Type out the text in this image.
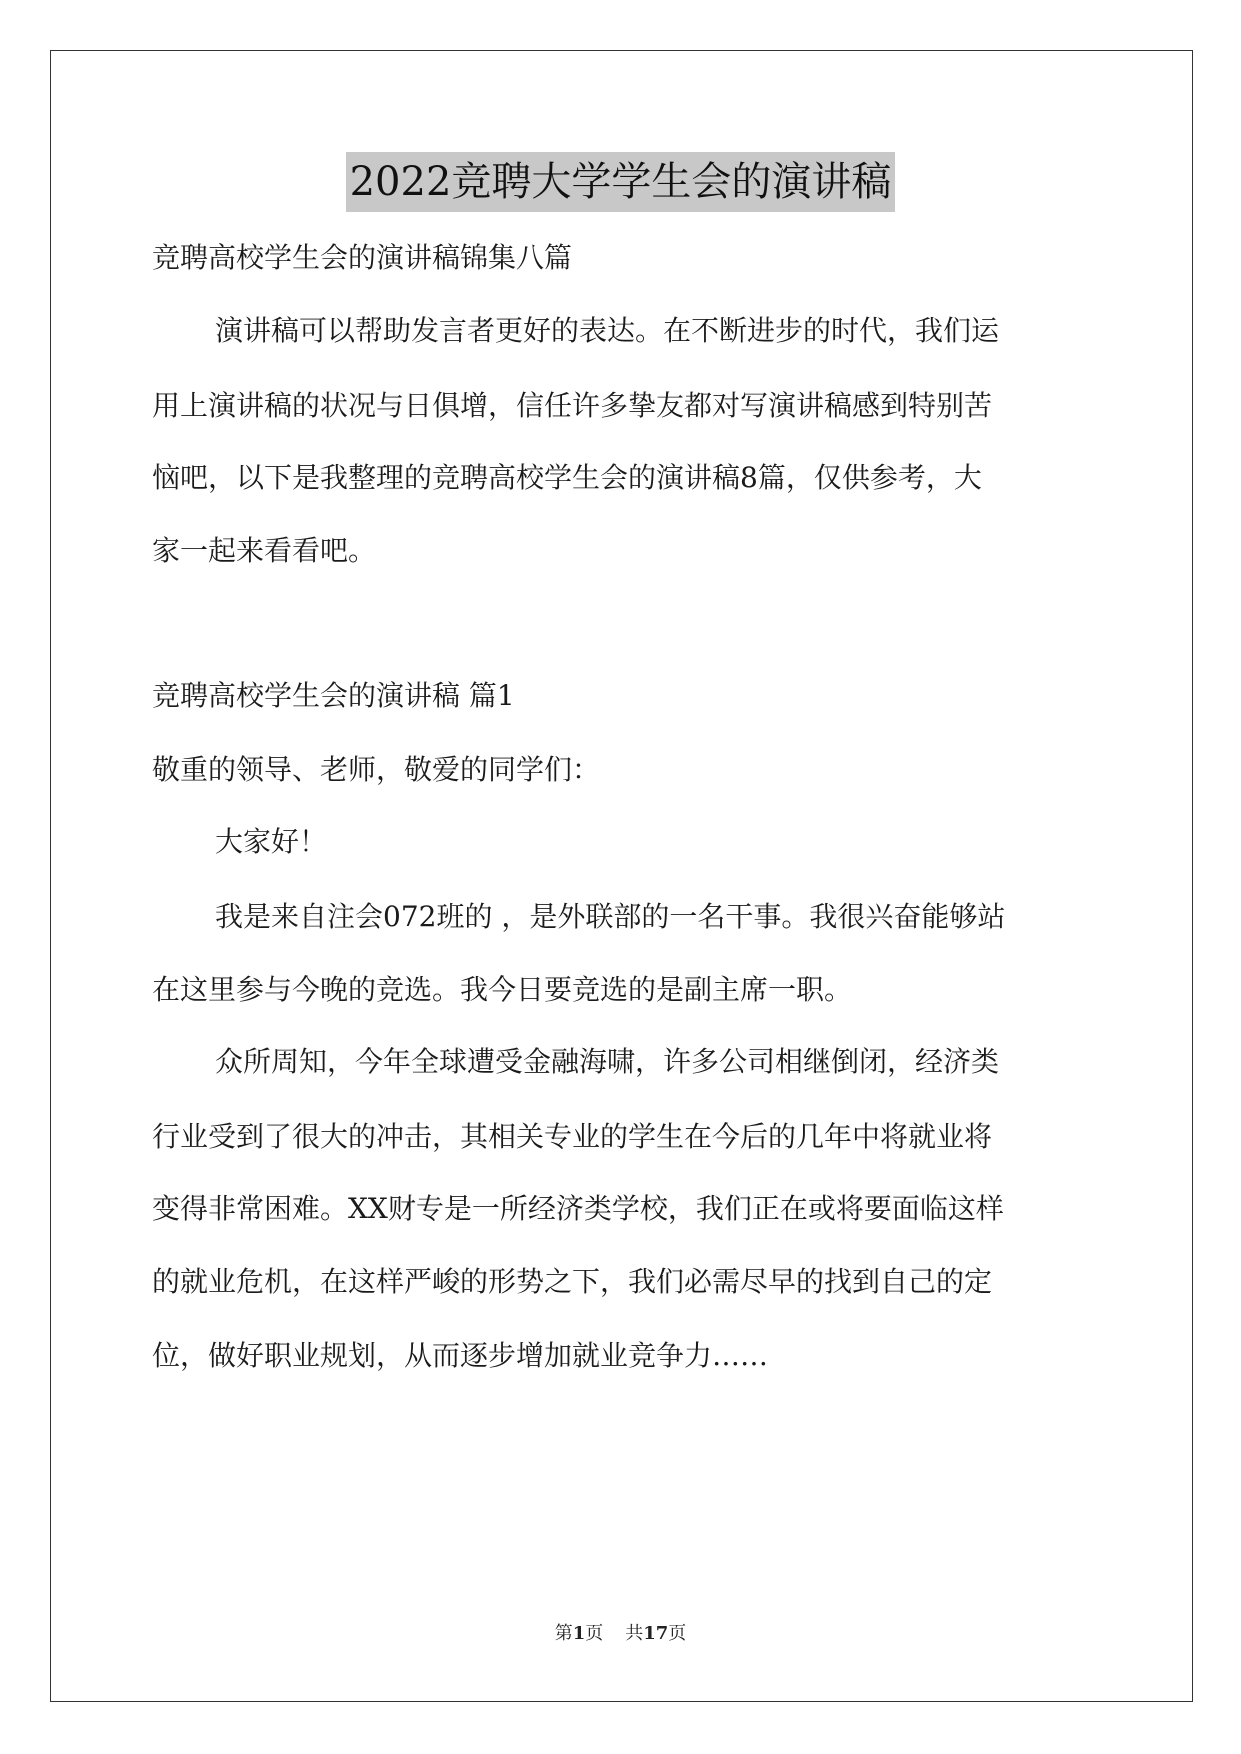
2022竞聘大学学生会的演讲稿
竞聘高校学生会的演讲稿锦集八篇
演讲稿可以帮助发言者更好的表达。在不断进步的时代，我们运
用上演讲稿的状况与日俱增，信任许多挚友都对写演讲稿感到特别苦
恼吧，以下是我整理的竞聘高校学生会的演讲稿8篇，仅供参考，大
家一起来看看吧。
竞聘高校学生会的演讲稿 篇1
敬重的领导、老师，敬爱的同学们：
大家好！
我是来自注会072班的 ，是外联部的一名干事。我很兴奋能够站
在这里参与今晚的竞选。我今日要竞选的是副主席一职。
众所周知，今年全球遭受金融海啸，许多公司相继倒闭，经济类
行业受到了很大的冲击，其相关专业的学生在今后的几年中将就业将
变得非常困难。XX财专是一所经济类学校，我们正在或将要面临这样
的就业危机，在这样严峻的形势之下，我们必需尽早的找到自己的定
位，做好职业规划，从而逐步增加就业竞争力……
第1页 共17页
